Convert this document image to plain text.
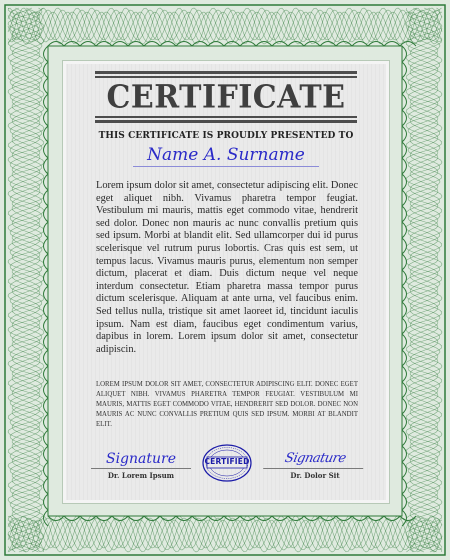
CERTIFICATE
THIS CERTIFICATE IS PROUDLY PRESENTED TO
Name A. Surname
Lorem ipsum dolor sit amet, consectetur adipiscing elit. Donec eget aliquet nibh. Vivamus pharetra tempor feugiat. Vestibulum mi mauris, mattis eget commodo vitae, hendrerit sed dolor. Donec non mauris ac nunc convallis pretium quis sed ipsum. Morbi at blandit elit. Sed ullamcorper dui id purus scelerisque vel rutrum purus lobortis. Cras quis est sem, ut tempus lacus. Vivamus mauris purus, elementum non semper dictum, placerat et diam. Duis dictum neque vel neque interdum consectetur. Etiam pharetra massa tempor purus dictum scelerisque. Aliquam at ante urna, vel faucibus enim. Sed tellus nulla, tristique sit amet laoreet id, tincidunt iaculis ipsum. Nam est diam, faucibus eget condimentum varius, dapibus in lorem. Lorem ipsum dolor sit amet, consectetur adipiscin.
LOREM IPSUM DOLOR SIT AMET, CONSECTETUR ADIPISCING ELIT. DONEC EGET ALIQUET NIBH. VIVAMUS PHARETRA TEMPOR FEUGIAT. VESTIBULUM MI MAURIS, MATTIS EGET COMMODO VITAE, HENDRERIT SED DOLOR. DONEC NON MAURIS AC NUNC CONVALLIS PRETIUM QUIS SED IPSUM. MORBI AT BLANDIT ELIT.
Signature
Dr. Lorem Ipsum
CERTIFIED	Signature
Dr. Dolor Sit
